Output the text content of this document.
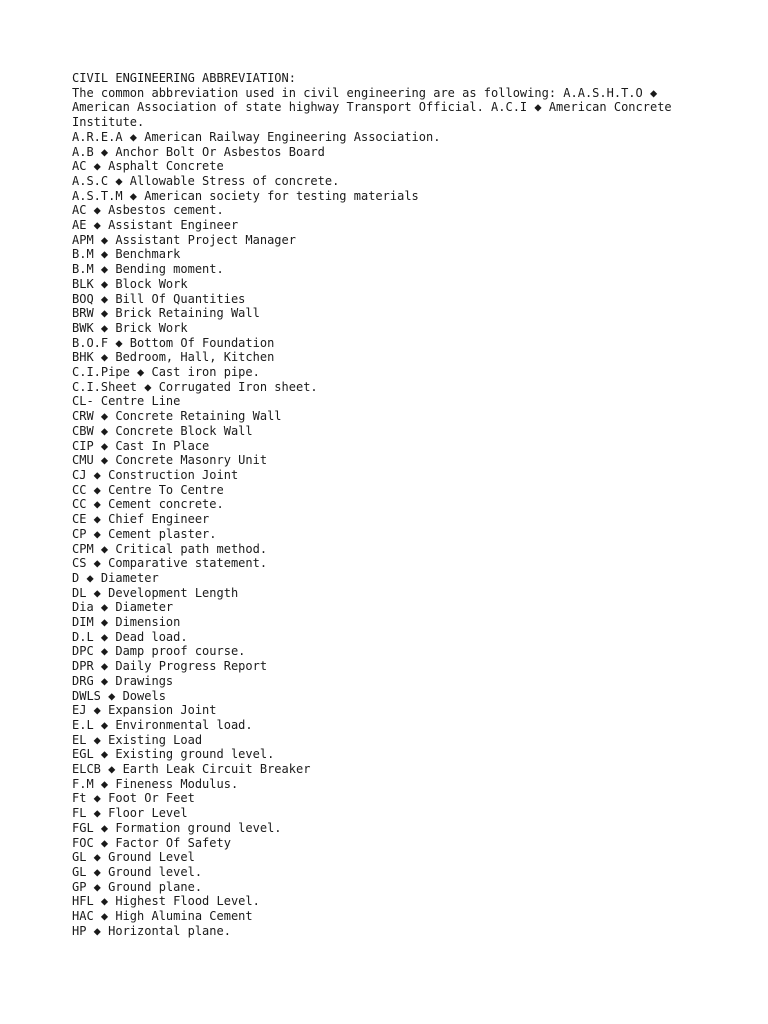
CIVIL ENGINEERING ABBREVIATION:
The common abbreviation used in civil engineering are as following: A.A.S.H.T.O ◆ American Association of state highway Transport Official. A.C.I ◆ American Concrete Institute.
A.R.E.A ◆ American Railway Engineering Association.
A.B ◆ Anchor Bolt Or Asbestos Board
AC ◆ Asphalt Concrete
A.S.C ◆ Allowable Stress of concrete.
A.S.T.M ◆ American society for testing materials
AC ◆ Asbestos cement.
AE ◆ Assistant Engineer
APM ◆ Assistant Project Manager
B.M ◆ Benchmark
B.M ◆ Bending moment.
BLK ◆ Block Work
BOQ ◆ Bill Of Quantities
BRW ◆ Brick Retaining Wall
BWK ◆ Brick Work
B.O.F ◆ Bottom Of Foundation
BHK ◆ Bedroom, Hall, Kitchen
C.I.Pipe ◆ Cast iron pipe.
C.I.Sheet ◆ Corrugated Iron sheet.
CL- Centre Line
CRW ◆ Concrete Retaining Wall
CBW ◆ Concrete Block Wall
CIP ◆ Cast In Place
CMU ◆ Concrete Masonry Unit
CJ ◆ Construction Joint
CC ◆ Centre To Centre
CC ◆ Cement concrete.
CE ◆ Chief Engineer
CP ◆ Cement plaster.
CPM ◆ Critical path method.
CS ◆ Comparative statement.
D ◆ Diameter
DL ◆ Development Length
Dia ◆ Diameter
DIM ◆ Dimension
D.L ◆ Dead load.
DPC ◆ Damp proof course.
DPR ◆ Daily Progress Report
DRG ◆ Drawings
DWLS ◆ Dowels
EJ ◆ Expansion Joint
E.L ◆ Environmental load.
EL ◆ Existing Load
EGL ◆ Existing ground level.
ELCB ◆ Earth Leak Circuit Breaker
F.M ◆ Fineness Modulus.
Ft ◆ Foot Or Feet
FL ◆ Floor Level
FGL ◆ Formation ground level.
FOC ◆ Factor Of Safety
GL ◆ Ground Level
GL ◆ Ground level.
GP ◆ Ground plane.
HFL ◆ Highest Flood Level.
HAC ◆ High Alumina Cement
HP ◆ Horizontal plane.
